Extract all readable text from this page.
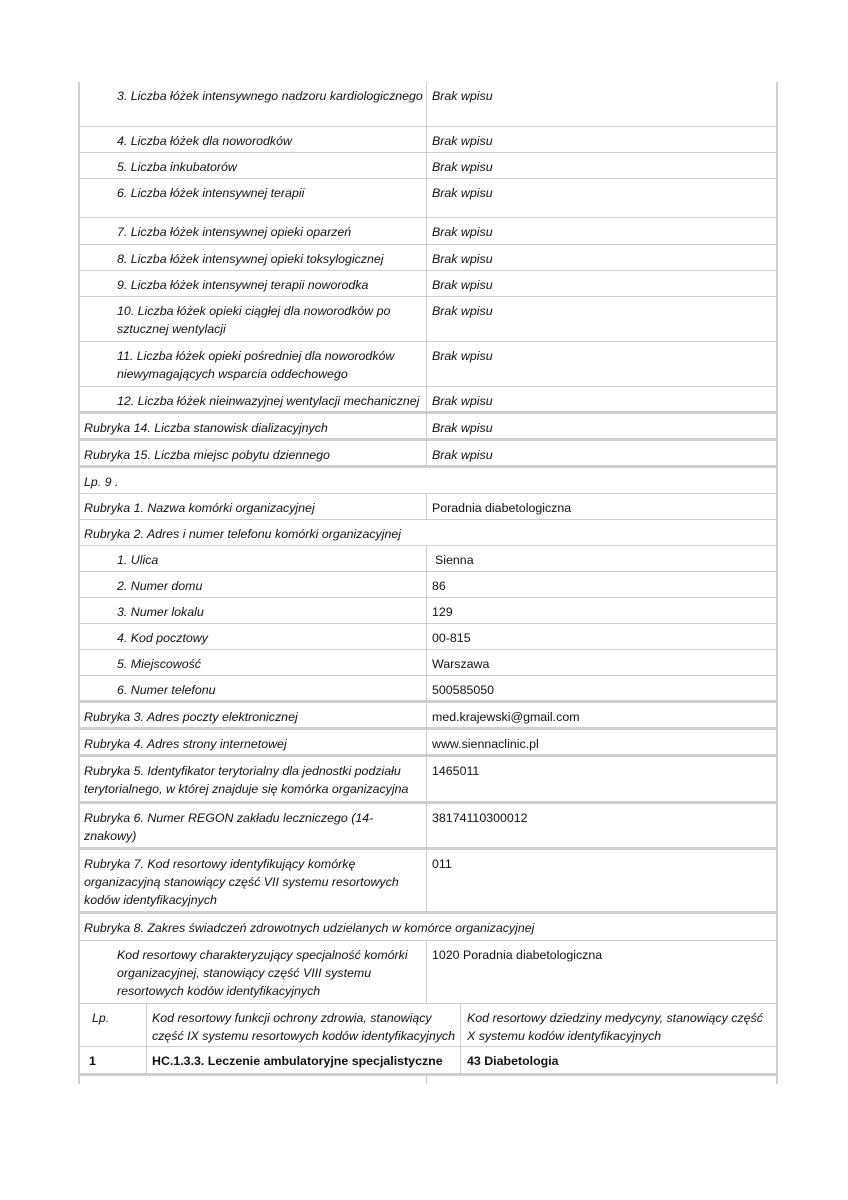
3. Liczba łóżek intensywnego nadzoru kardiologicznego Brak wpisu
4. Liczba łóżek dla noworodków	Brak wpisu
5. Liczba inkubatorów	Brak wpisu
6. Liczba łóżek intensywnej terapii	Brak wpisu
7. Liczba łóżek intensywnej opieki oparzeń	Brak wpisu
8. Liczba łóżek intensywnej opieki toksylogicznej	Brak wpisu
9. Liczba łóżek intensywnej terapii noworodka	Brak wpisu
10. Liczba łóżek opieki ciągłej dla noworodków po sztucznej wentylacji
Brak wpisu
11. Liczba łóżek opieki pośredniej dla noworodków niewymagających wsparcia oddechowego
Brak wpisu
12. Liczba łóżek nieinwazyjnej wentylacji mechanicznej	Brak wpisu
Rubryka 14. Liczba stanowisk dializacyjnych	Brak wpisu
Rubryka 15. Liczba miejsc pobytu dziennego	Brak wpisu
Lp. 9 .
Rubryka 1. Nazwa komórki organizacyjnej	Poradnia diabetologiczna
Rubryka 2. Adres i numer telefonu komórki organizacyjnej
1. Ulica	Sienna
2. Numer domu	86
3. Numer lokalu	129
4. Kod pocztowy	00-815
5. Miejscowość	Warszawa
6. Numer telefonu	500585050
Rubryka 3. Adres poczty elektronicznej	med.krajewski@gmail.com
Rubryka 4. Adres strony internetowej	www.siennaclinic.pl
Rubryka 5. Identyfikator terytorialny dla jednostki podziału terytorialnego, w której znajduje się komórka organizacyjna
1465011
Rubryka 6. Numer REGON zakładu leczniczego (14-znakowy)
38174110300012
Rubryka 7. Kod resortowy identyfikujący komórkę organizacyjną stanowiący część VII systemu resortowych kodów identyfikacyjnych
011
Rubryka 8. Zakres świadczeń zdrowotnych udzielanych w komórce organizacyjnej
Kod resortowy charakteryzujący specjalność komórki organizacyjnej, stanowiący część VIII systemu resortowych kodów identyfikacyjnych
1020 Poradnia diabetologiczna
Lp.	Kod resortowy funkcji ochrony zdrowia, stanowiący część IX systemu resortowych kodów identyfikacyjnych
Kod resortowy dziedziny medycyny, stanowiący część X systemu kodów identyfikacyjnych
1	HC.1.3.3. Leczenie ambulatoryjne specjalistyczne	43 Diabetologia
